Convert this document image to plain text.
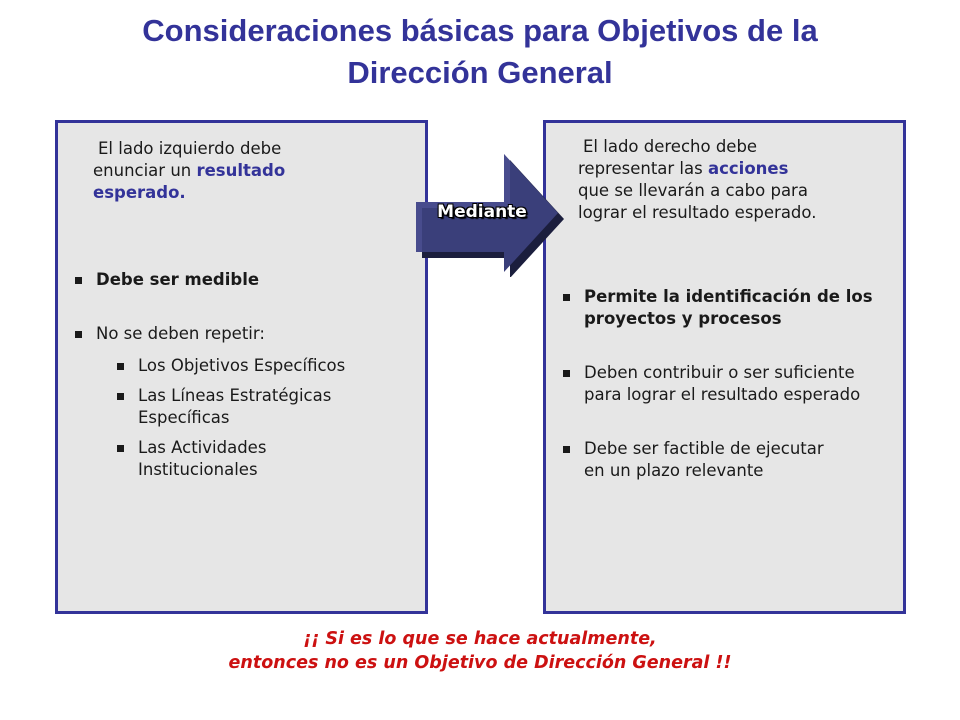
Consideraciones básicas para Objetivos de la
Dirección General
El lado izquierdo debe
enunciar un resultado
esperado.
Debe ser medible
No se deben repetir:
Los Objetivos Específicos
Las Líneas Estratégicas Específicas
Las Actividades Institucionales
El lado derecho debe
representar las acciones
que se llevarán a cabo para lograr el resultado esperado.
Permite la identificación de los proyectos y procesos
Deben contribuir o ser suficiente para lograr el resultado esperado
Debe ser factible de ejecutar en un plazo relevante
Mediante
¡¡ Si es lo que se hace actualmente,
entonces no es un Objetivo de Dirección General !!
